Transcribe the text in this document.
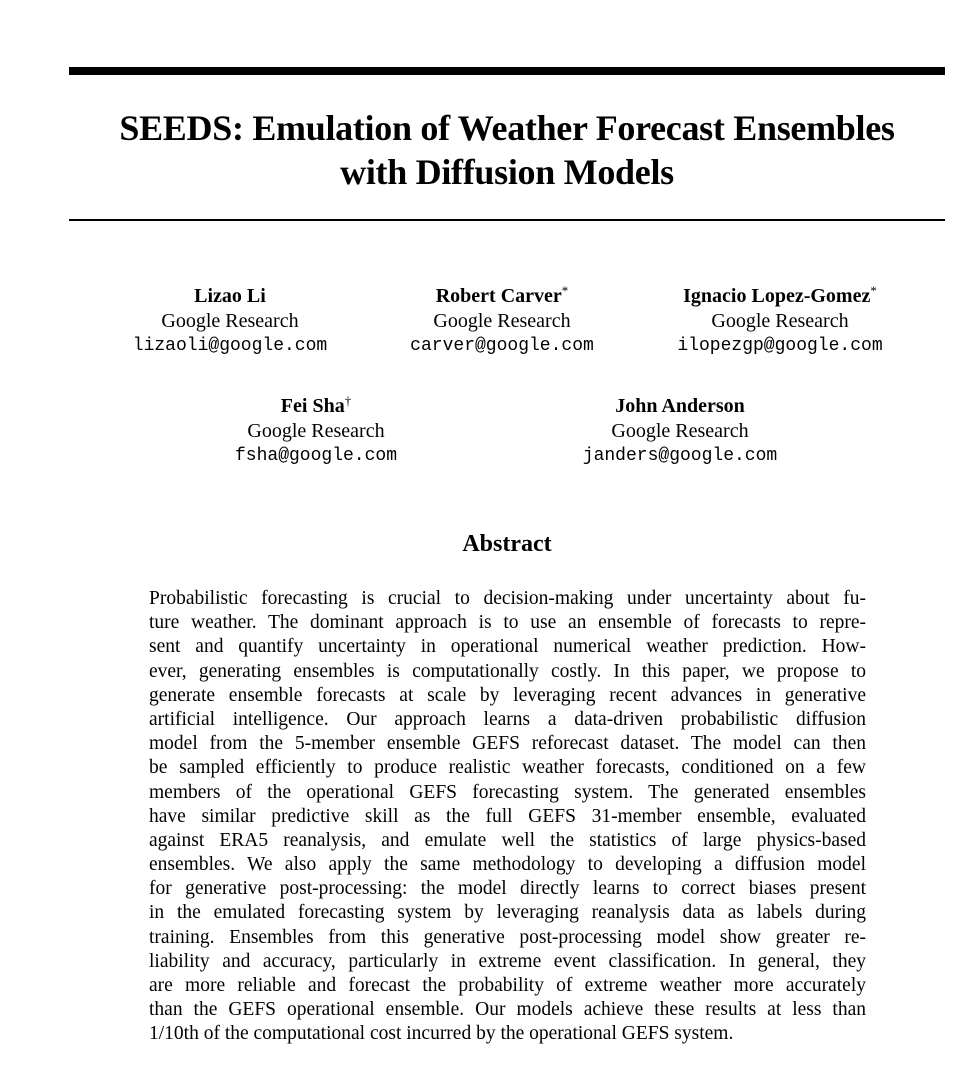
SEEDS: Emulation of Weather Forecast Ensembles
with Diffusion Models
Lizao Li
Google Research
lizaoli@google.com
Robert Carver*
Google Research
carver@google.com
Ignacio Lopez-Gomez*
Google Research
ilopezgp@google.com
Fei Sha†
Google Research
fsha@google.com
John Anderson
Google Research
janders@google.com
Abstract
Probabilistic forecasting is crucial to decision-making under uncertainty about fu-
ture weather. The dominant approach is to use an ensemble of forecasts to repre-
sent and quantify uncertainty in operational numerical weather prediction. How-
ever, generating ensembles is computationally costly. In this paper, we propose to
generate ensemble forecasts at scale by leveraging recent advances in generative
artificial intelligence. Our approach learns a data-driven probabilistic diffusion
model from the 5-member ensemble GEFS reforecast dataset. The model can then
be sampled efficiently to produce realistic weather forecasts, conditioned on a few
members of the operational GEFS forecasting system. The generated ensembles
have similar predictive skill as the full GEFS 31-member ensemble, evaluated
against ERA5 reanalysis, and emulate well the statistics of large physics-based
ensembles. We also apply the same methodology to developing a diffusion model
for generative post-processing: the model directly learns to correct biases present
in the emulated forecasting system by leveraging reanalysis data as labels during
training. Ensembles from this generative post-processing model show greater re-
liability and accuracy, particularly in extreme event classification. In general, they
are more reliable and forecast the probability of extreme weather more accurately
than the GEFS operational ensemble. Our models achieve these results at less than
1/10th of the computational cost incurred by the operational GEFS system.
